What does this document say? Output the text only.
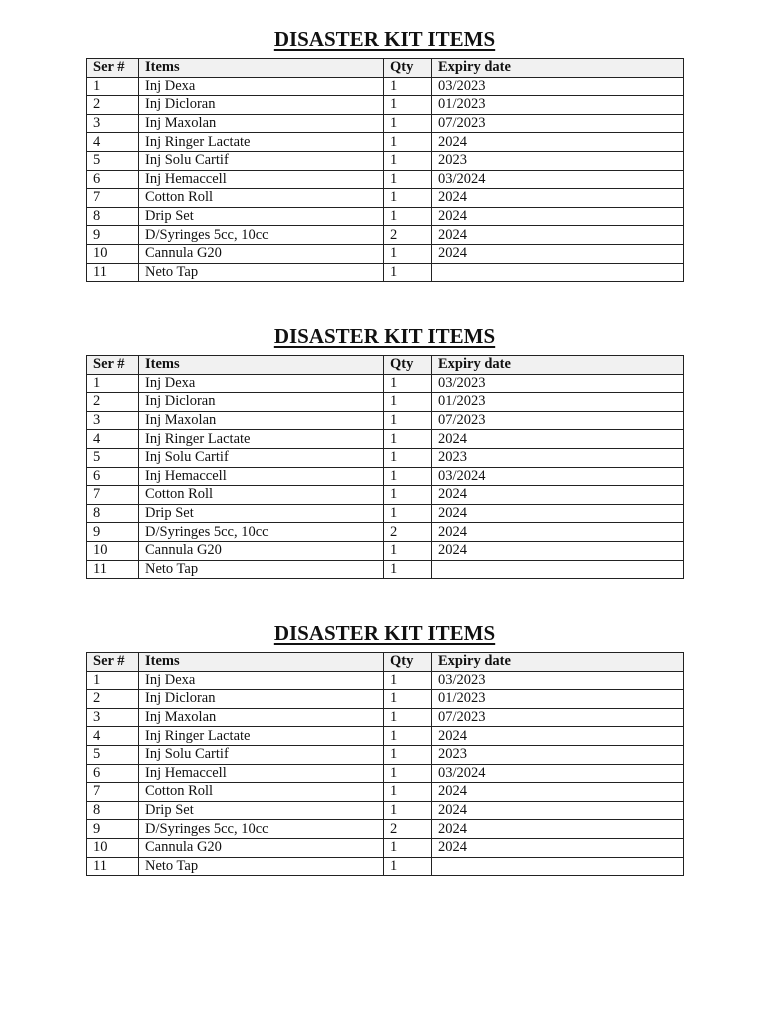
DISASTER KIT ITEMS
Ser #	Items	Qty	Expiry date
1	Inj Dexa	1	03/2023
2	Inj Dicloran	1	01/2023
3	Inj Maxolan	1	07/2023
4	Inj Ringer Lactate	1	2024
5	Inj Solu Cartif	1	2023
6	Inj Hemaccell	1	03/2024
7	Cotton Roll	1	2024
8	Drip Set	1	2024
9	D/Syringes 5cc, 10cc	2	2024
10	Cannula G20	1	2024
11	Neto Tap	1	
DISASTER KIT ITEMS
Ser #	Items	Qty	Expiry date
1	Inj Dexa	1	03/2023
2	Inj Dicloran	1	01/2023
3	Inj Maxolan	1	07/2023
4	Inj Ringer Lactate	1	2024
5	Inj Solu Cartif	1	2023
6	Inj Hemaccell	1	03/2024
7	Cotton Roll	1	2024
8	Drip Set	1	2024
9	D/Syringes 5cc, 10cc	2	2024
10	Cannula G20	1	2024
11	Neto Tap	1	
DISASTER KIT ITEMS
Ser #	Items	Qty	Expiry date
1	Inj Dexa	1	03/2023
2	Inj Dicloran	1	01/2023
3	Inj Maxolan	1	07/2023
4	Inj Ringer Lactate	1	2024
5	Inj Solu Cartif	1	2023
6	Inj Hemaccell	1	03/2024
7	Cotton Roll	1	2024
8	Drip Set	1	2024
9	D/Syringes 5cc, 10cc	2	2024
10	Cannula G20	1	2024
11	Neto Tap	1	
